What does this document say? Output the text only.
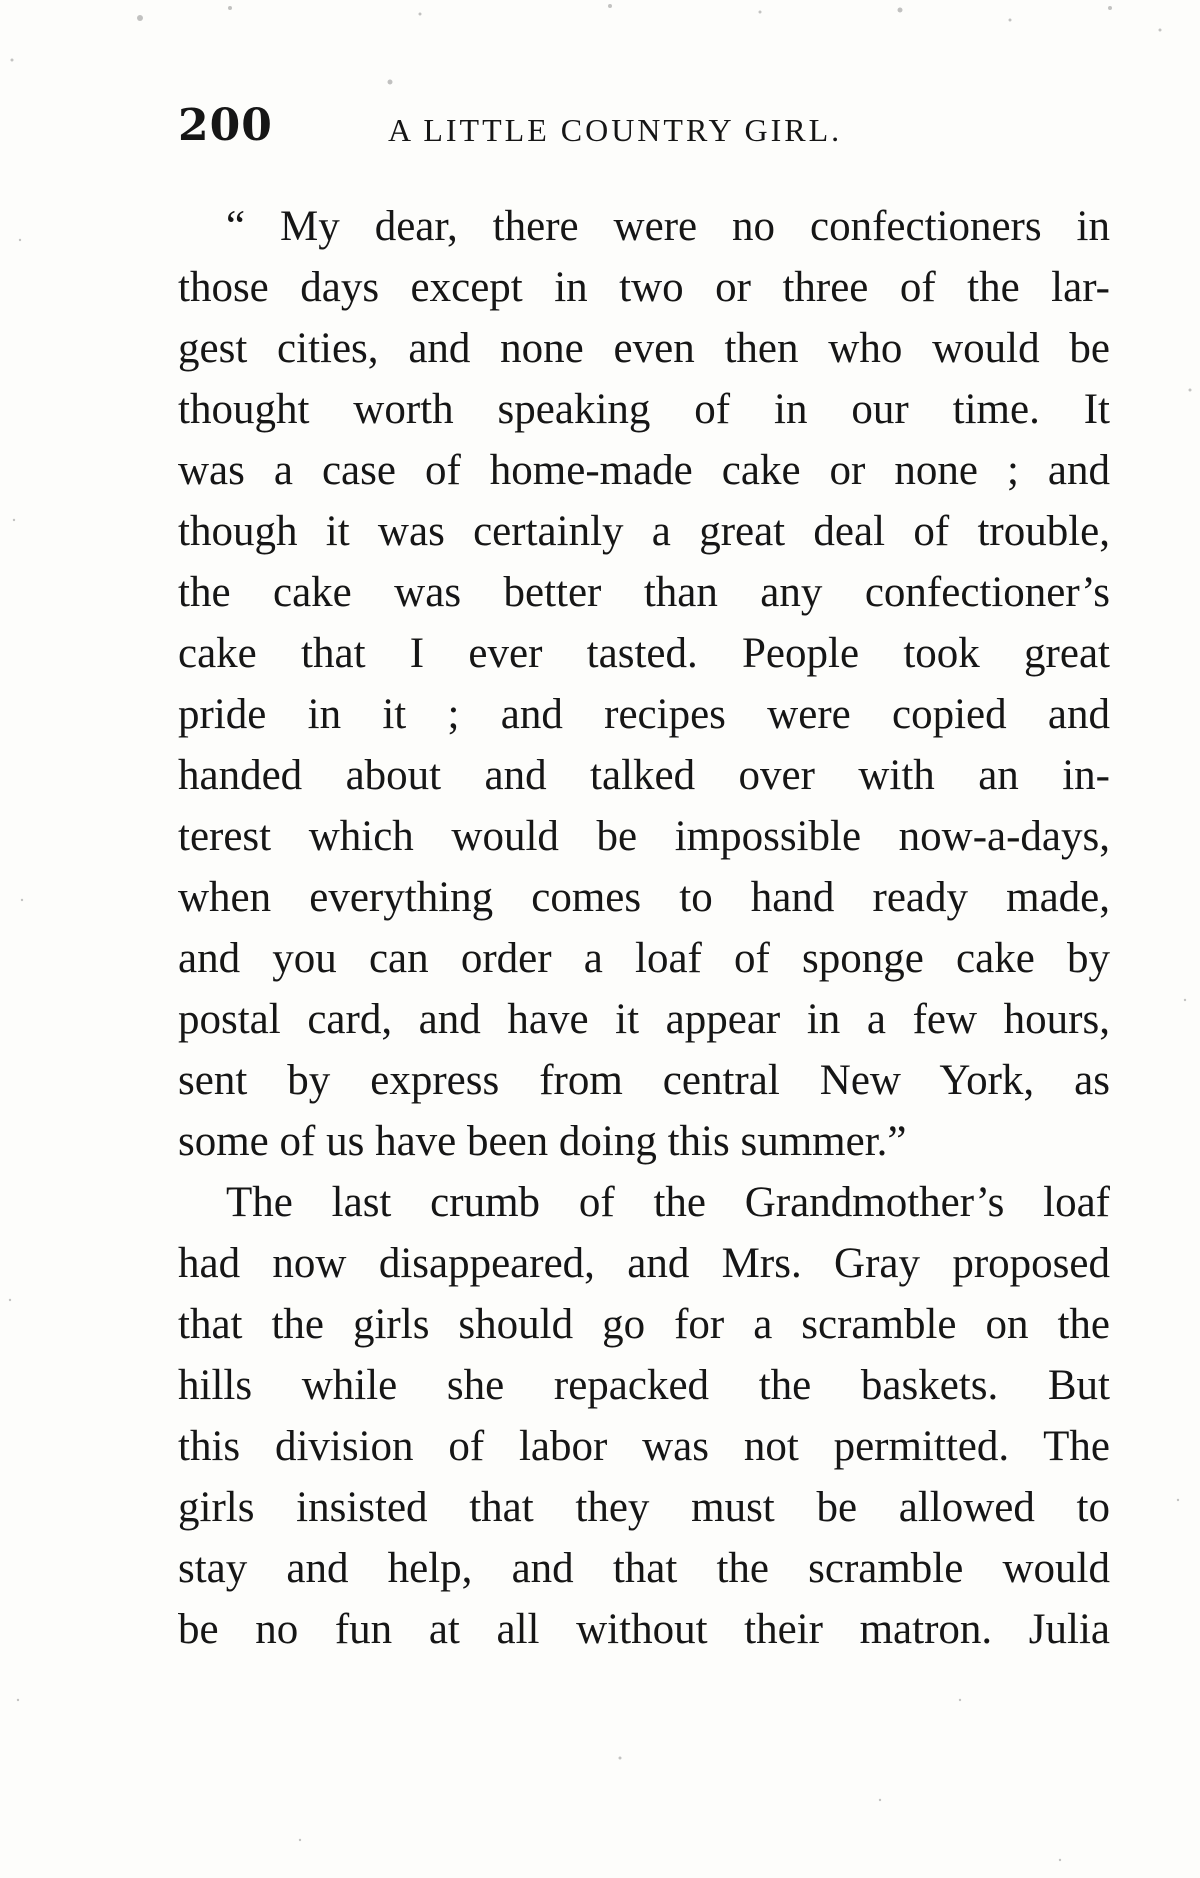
200	A LITTLE COUNTRY GIRL.
“ My dear, there were no confectioners in
those days except in two or three of the lar-
gest cities, and none even then who would be
thought worth speaking of in our time. It
was a case of home-made cake or none ; and
though it was certainly a great deal of trouble,
the cake was better than any confectioner’s
cake that I ever tasted. People took great
pride in it ; and recipes were copied and
handed about and talked over with an in-
terest which would be impossible now-a-days,
when everything comes to hand ready made,
and you can order a loaf of sponge cake by
postal card, and have it appear in a few hours,
sent by express from central New York, as
some of us have been doing this summer.”
The last crumb of the Grandmother’s loaf
had now disappeared, and Mrs. Gray proposed
that the girls should go for a scramble on the
hills while she repacked the baskets. But
this division of labor was not permitted. The
girls insisted that they must be allowed to
stay and help, and that the scramble would
be no fun at all without their matron. Julia
